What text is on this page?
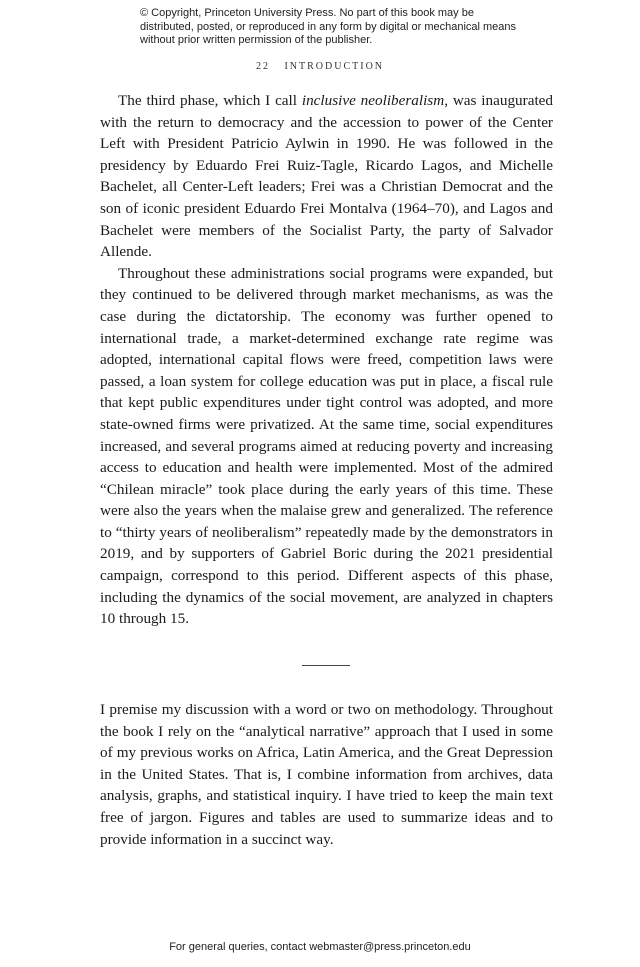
© Copyright, Princeton University Press. No part of this book may be distributed, posted, or reproduced in any form by digital or mechanical means without prior written permission of the publisher.
22 INTRODUCTION

The third phase, which I call inclusive neoliberalism, was inaugurated with the return to democracy and the accession to power of the Center Left with President Patricio Aylwin in 1990. He was followed in the presidency by Eduardo Frei Ruiz-Tagle, Ricardo Lagos, and Michelle Bachelet, all Center-Left leaders; Frei was a Christian Democrat and the son of iconic president Eduardo Frei Montalva (1964–70), and Lagos and Bachelet were members of the Socialist Party, the party of Salvador Allende.

Throughout these administrations social programs were expanded, but they continued to be delivered through market mechanisms, as was the case during the dictatorship. The economy was further opened to international trade, a market-determined exchange rate regime was adopted, international capital flows were freed, competition laws were passed, a loan system for college education was put in place, a fiscal rule that kept public expenditures under tight control was adopted, and more state-owned firms were privatized. At the same time, social expenditures increased, and several programs aimed at reducing poverty and increasing access to education and health were implemented. Most of the admired “Chilean miracle” took place during the early years of this time. These were also the years when the malaise grew and generalized. The reference to “thirty years of neoliberalism” repeatedly made by the demonstrators in 2019, and by supporters of Gabriel Boric during the 2021 presidential campaign, correspond to this period. Different aspects of this phase, including the dynamics of the social movement, are analyzed in chapters 10 through 15.

I premise my discussion with a word or two on methodology. Throughout the book I rely on the “analytical narrative” approach that I used in some of my previous works on Africa, Latin America, and the Great Depression in the United States. That is, I combine information from archives, data analysis, graphs, and statistical inquiry. I have tried to keep the main text free of jargon. Figures and tables are used to summarize ideas and to provide information in a succinct way.

For general queries, contact webmaster@press.princeton.edu
